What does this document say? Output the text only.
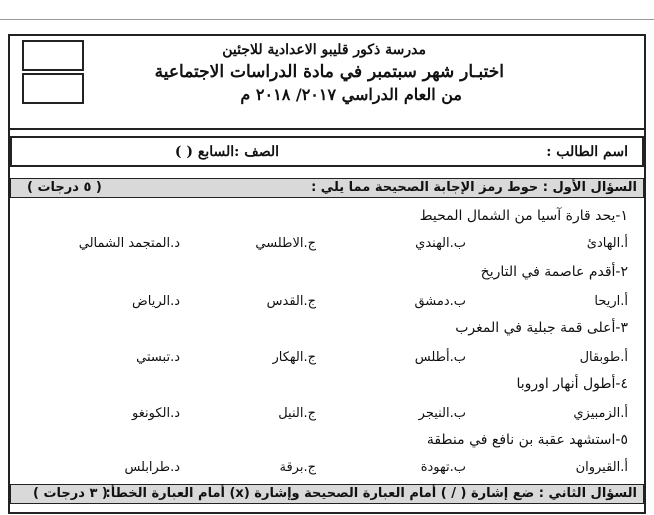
مدرسة ذكور قليبو الاعدادية للاجئين
اختبـار شهر سبتمبر في مادة الدراسات الاجتماعية
من العام الدراسي ٢٠١٧/ ٢٠١٨ م
اسم الطالب :
الصف :السابع ( )
السؤال الأول : حوط رمز الإجابة الصحيحة مما يلي :
( ٥ درجات )
١-يحد قارة آسيا من الشمال المحيط
أ.الهادئ
ب.الهندي
ج.الاطلسي
د.المتجمد الشمالي
٢-أقدم عاصمة في التاريخ
أ.اريحا
ب.دمشق
ج.القدس
د.الرياض
٣-أعلى قمة جبلية في المغرب
أ.طوبقال
ب.أطلس
ج.الهكار
د.تبستي
٤-أطول أنهار اوروبا
أ.الزمبيزي
ب.النيجر
ج.النيل
د.الكونغو
٥-استشهد عقبة بن نافع في منطقة
أ.القيروان
ب.تهودة
ج.برقة
د.طرابلس
السؤال الثاني : ضع إشارة ( / ) أمام العبارة الصحيحة وإشارة (x) أمام العبارة الخطأ:
( ٣ درجات )
